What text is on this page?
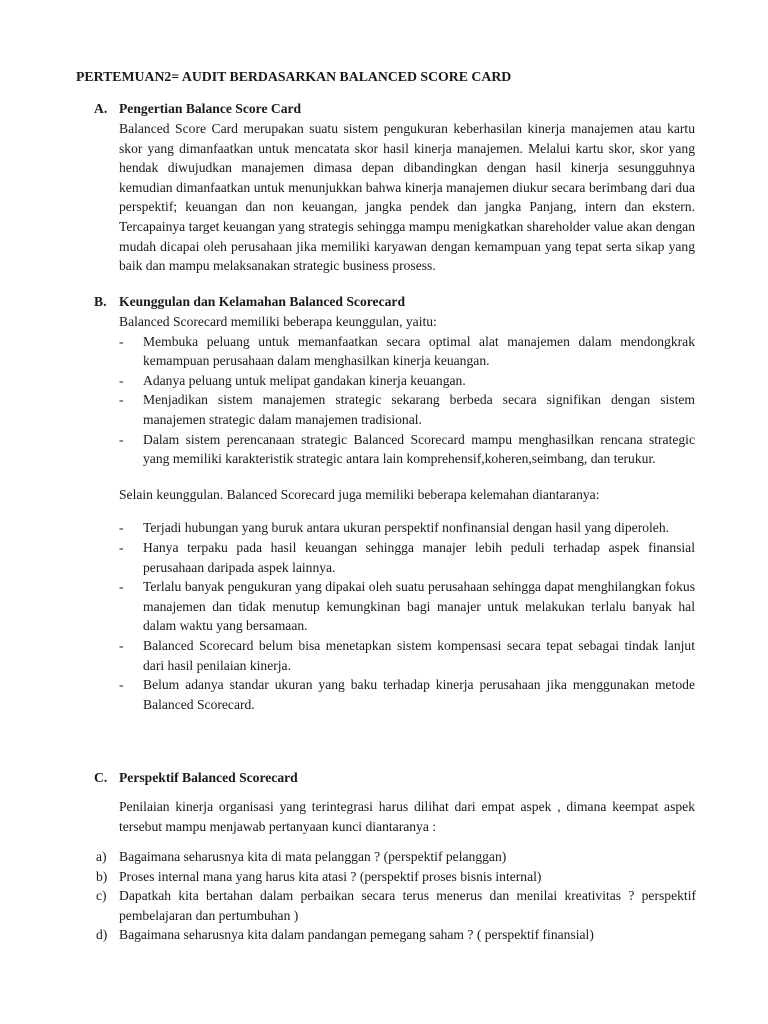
PERTEMUAN2= AUDIT BERDASARKAN BALANCED SCORE CARD
A. Pengertian Balance Score Card

Balanced Score Card merupakan suatu sistem pengukuran keberhasilan kinerja manajemen atau kartu skor yang dimanfaatkan untuk mencatata skor hasil kinerja manajemen. Melalui kartu skor, skor yang hendak diwujudkan manajemen dimasa depan dibandingkan dengan hasil kinerja sesungguhnya kemudian dimanfaatkan untuk menunjukkan bahwa kinerja manajemen diukur secara berimbang dari dua perspektif; keuangan dan non keuangan, jangka pendek dan jangka Panjang, intern dan ekstern. Tercapainya target keuangan yang strategis sehingga mampu menigkatkan shareholder value akan dengan mudah dicapai oleh perusahaan jika memiliki karyawan dengan kemampuan yang tepat serta sikap yang baik dan mampu melaksanakan strategic business prosess.

B. Keunggulan dan Kelamahan Balanced Scorecard

Balanced Scorecard memiliki beberapa keunggulan, yaitu:

- Membuka peluang untuk memanfaatkan secara optimal alat manajemen dalam mendongkrak kemampuan perusahaan dalam menghasilkan kinerja keuangan.
- Adanya peluang untuk melipat gandakan kinerja keuangan.
- Menjadikan sistem manajemen strategic sekarang berbeda secara signifikan dengan sistem manajemen strategic dalam manajemen tradisional.
- Dalam sistem perencanaan strategic Balanced Scorecard mampu menghasilkan rencana strategic yang memiliki karakteristik strategic antara lain komprehensif,koheren,seimbang, dan terukur.

Selain keunggulan. Balanced Scorecard juga memiliki beberapa kelemahan diantaranya:

- Terjadi hubungan yang buruk antara ukuran perspektif nonfinansial dengan hasil yang diperoleh.
- Hanya terpaku pada hasil keuangan sehingga manajer lebih peduli terhadap aspek finansial perusahaan daripada aspek lainnya.
- Terlalu banyak pengukuran yang dipakai oleh suatu perusahaan sehingga dapat menghilangkan fokus manajemen dan tidak menutup kemungkinan bagi manajer untuk melakukan terlalu banyak hal dalam waktu yang bersamaan.
- Balanced Scorecard belum bisa menetapkan sistem kompensasi secara tepat sebagai tindak lanjut dari hasil penilaian kinerja.
- Belum adanya standar ukuran yang baku terhadap kinerja perusahaan jika menggunakan metode Balanced Scorecard.
C. Perspektif Balanced Scorecard

Penilaian kinerja organisasi yang terintegrasi harus dilihat dari empat aspek , dimana keempat aspek tersebut mampu menjawab pertanyaan kunci diantaranya :

a) Bagaimana seharusnya kita di mata pelanggan ? (perspektif pelanggan)
b) Proses internal mana yang harus kita atasi ? (perspektif proses bisnis internal)
c) Dapatkah kita bertahan dalam perbaikan secara terus menerus dan menilai kreativitas ? perspektif pembelajaran dan pertumbuhan )
d) Bagaimana seharusnya kita dalam pandangan pemegang saham ? ( perspektif finansial)
